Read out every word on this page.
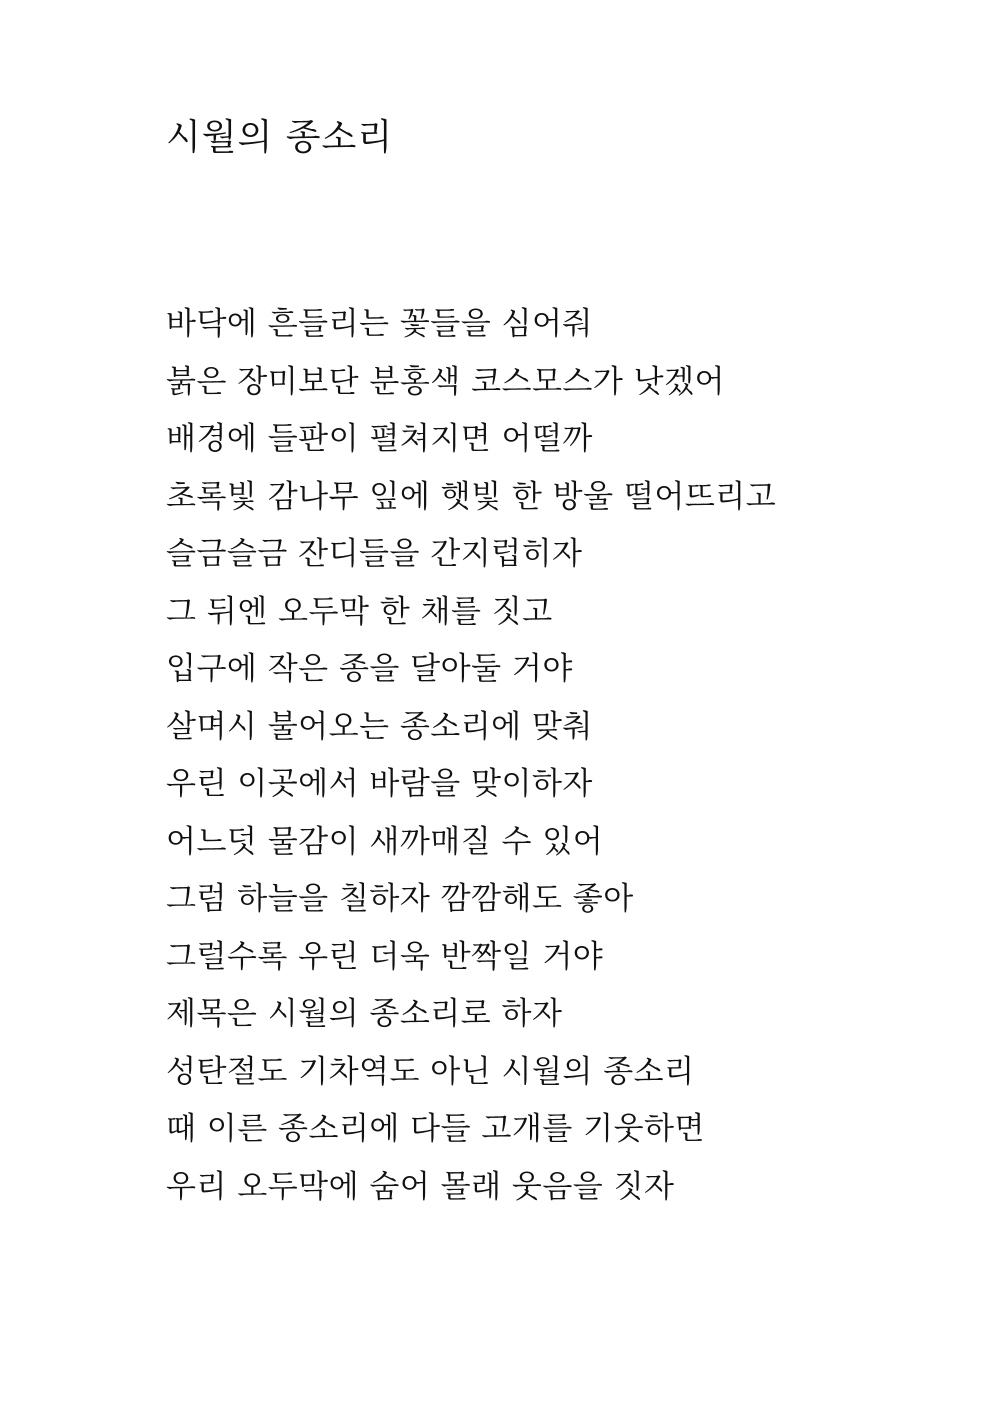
시월의 종소리
바닥에 흔들리는 꽃들을 심어줘
붉은 장미보단 분홍색 코스모스가 낫겠어
배경에 들판이 펼쳐지면 어떨까
초록빛 감나무 잎에 햇빛 한 방울 떨어뜨리고
슬금슬금 잔디들을 간지럽히자
그 뒤엔 오두막 한 채를 짓고
입구에 작은 종을 달아둘 거야
살며시 불어오는 종소리에 맞춰
우린 이곳에서 바람을 맞이하자
어느덧 물감이 새까매질 수 있어
그럼 하늘을 칠하자 깜깜해도 좋아
그럴수록 우린 더욱 반짝일 거야
제목은 시월의 종소리로 하자
성탄절도 기차역도 아닌 시월의 종소리
때 이른 종소리에 다들 고개를 기웃하면
우리 오두막에 숨어 몰래 웃음을 짓자
